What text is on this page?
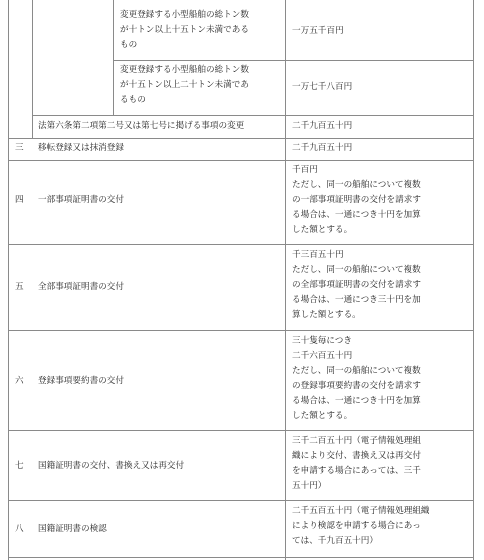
変更登録する小型船舶の総トン数

が十トン以上十五トン未満である

もの

一万五千百円

変更登録する小型船舶の総トン数

が十五トン以上二十トン未満であ

るもの

一万七千八百円

法第六条第二項第二号又は第七号に掲げる事項の変更	二千九百五十円

三 移転登録又は抹消登録	二千九百五十円

四 一部事項証明書の交付

千百円

ただし、同一の船舶について複数

の一部事項証明書の交付を請求す

る場合は、一通につき十円を加算

した額とする。

五 全部事項証明書の交付

千三百五十円

ただし、同一の船舶について複数

の全部事項証明書の交付を請求す

る場合は、一通につき三十円を加

算した額とする。

六 登録事項要約書の交付

三十隻毎につき

二千六百五十円

ただし、同一の船舶について複数

の登録事項要約書の交付を請求す

る場合は、一通につき十円を加算

した額とする。

七 国籍証明書の交付、書換え又は再交付

三千二百五十円（電子情報処理組

織により交付、書換え又は再交付

を申請する場合にあっては、三千

五十円）

八 国籍証明書の検認

二千五百五十円（電子情報処理組織

により検認を申請する場合にあっ

ては、千九百五十円）
